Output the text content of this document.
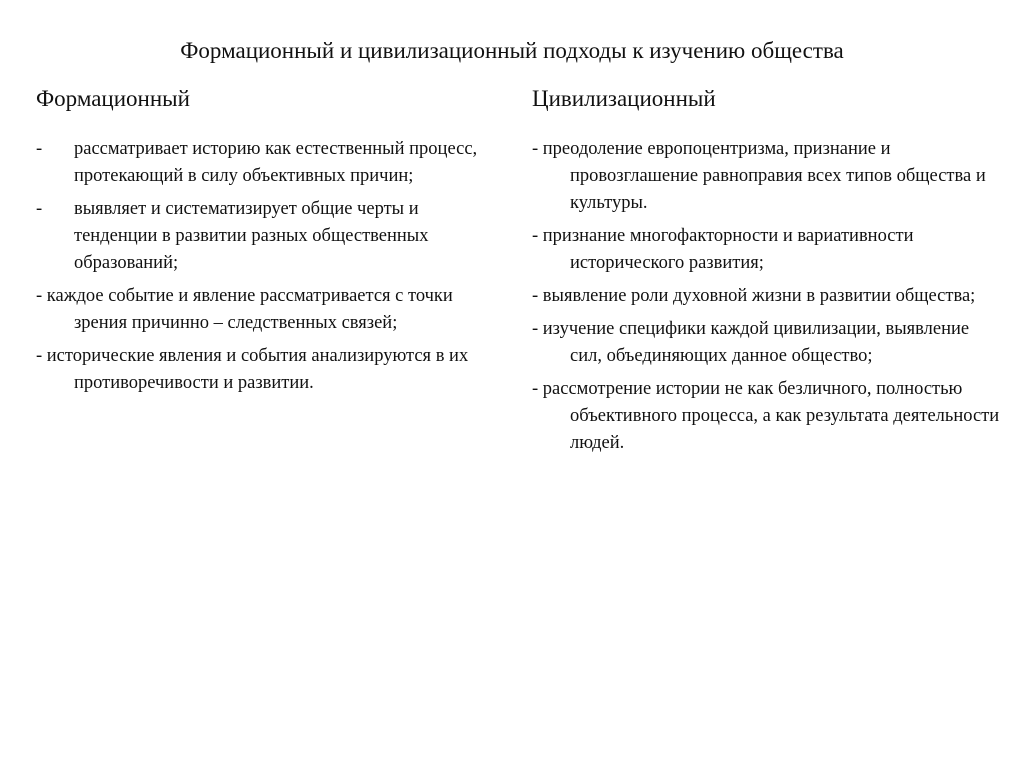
Формационный и цивилизационный подходы к изучению общества
Формационный
-	рассматривает историю как естественный процесс, протекающий в силу объективных причин;
-	выявляет и систематизирует общие черты и тенденции в развитии разных общественных образований;
- каждое событие и явление рассматривается с точки зрения причинно – следственных связей;
- исторические явления и события анализируются в их противоречивости и развитии.
Цивилизационный
- преодоление европоцентризма, признание и провозглашение равноправия всех типов общества и культуры.
- признание многофакторности и вариативности исторического развития;
- выявление роли духовной жизни в развитии общества;
- изучение специфики каждой цивилизации, выявление сил, объединяющих данное общество;
- рассмотрение истории не как безличного, полностью объективного процесса, а как результата деятельности людей.
